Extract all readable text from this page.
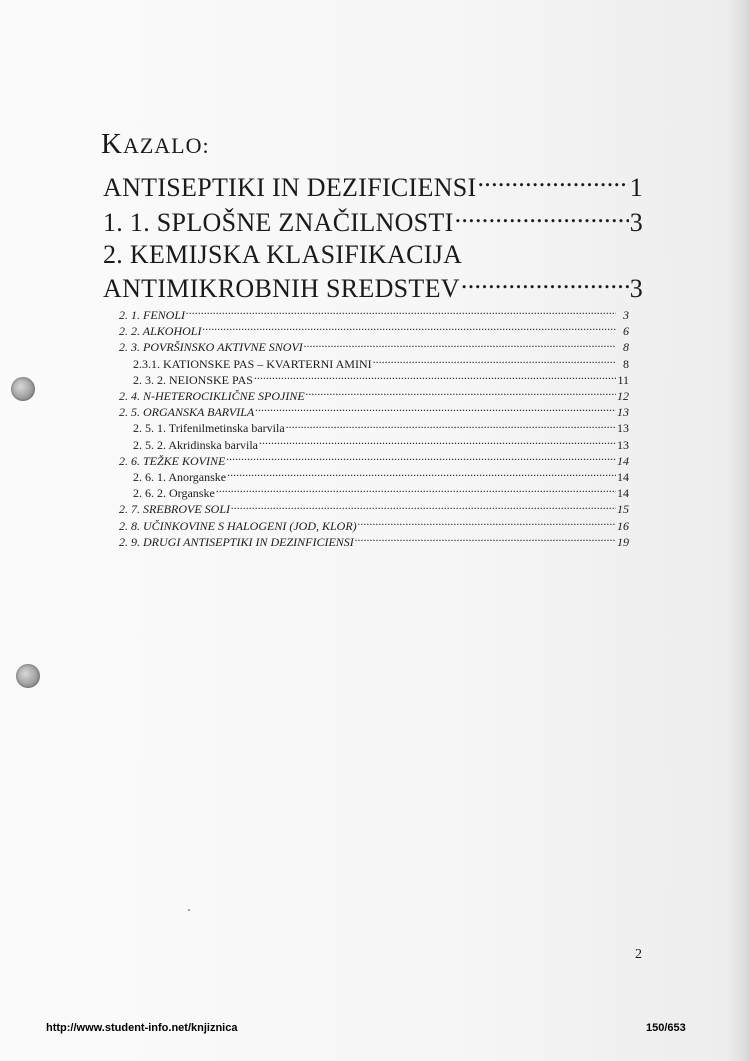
KAZALO:
ANTISEPTIKI IN DEZIFICIENSI .....	1
1. 1. SPLOŠNE ZNAČILNOSTI .....	3
2. KEMIJSKA KLASIFIKACIJA
ANTIMIKROBNIH SREDSTEV .....	3
2. 1. FENOLI .....	3
2. 2. ALKOHOLI .....	6
2. 3. POVRŠINSKO AKTIVNE SNOVI .....	8
2.3.1. KATIONSKE PAS – KVARTERNI AMINI .....	8
2. 3. 2. NEIONSKE PAS .....	11
2. 4. N-HETEROCIKLIČNE SPOJINE .....	12
2. 5. ORGANSKA BARVILA .....	13
2. 5. 1. Trifenilmetinska barvila .....	13
2. 5. 2. Akridinska barvila .....	13
2. 6. TEŽKE KOVINE .....	14
2. 6. 1. Anorganske .....	14
2. 6. 2. Organske .....	14
2. 7. SREBROVE SOLI .....	15
2. 8. UČINKOVINE S HALOGENI (JOD, KLOR) .....	16
2. 9. DRUGI ANTISEPTIKI IN DEZINFICIENSI .....	19
2
http://www.student-info.net/knjiznica	150/653
